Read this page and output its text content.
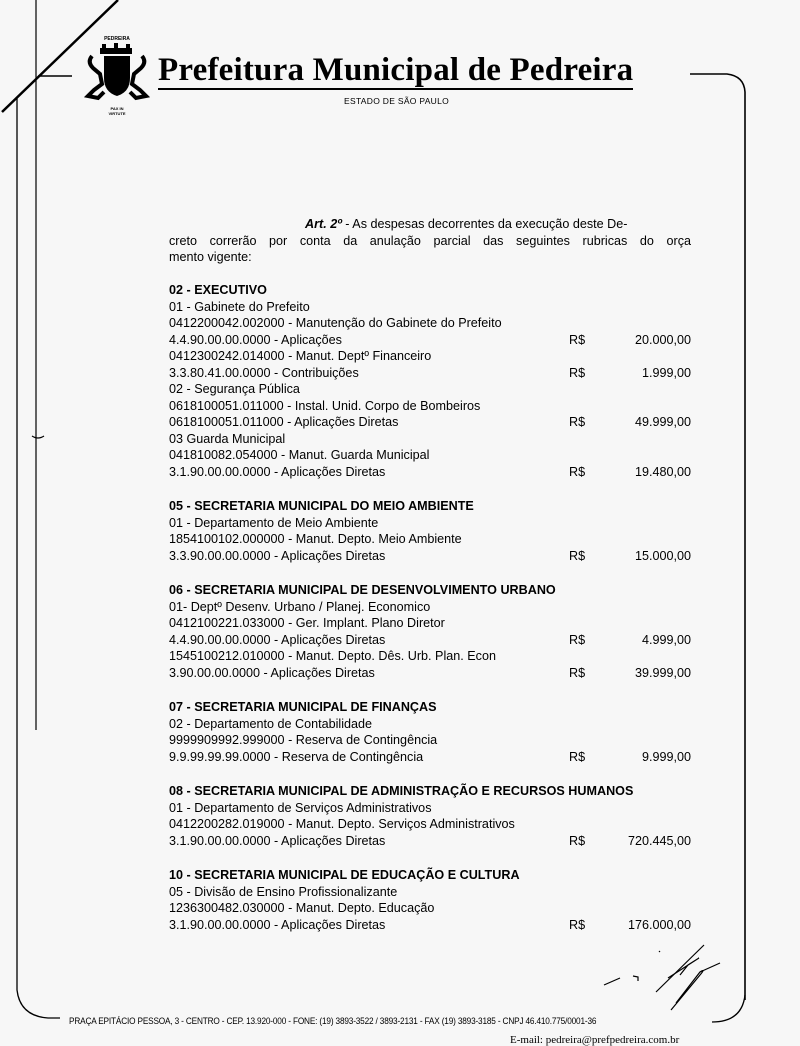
PEDREIRA
PAX IN
VIRTUTE
Prefeitura Municipal de Pedreira
ESTADO DE SÃO PAULO
Art. 2º - As despesas decorrentes da execução deste De-
creto correrão por conta da anulação parcial das seguintes rubricas do orça
mento vigente:
02 - EXECUTIVO
01 - Gabinete do Prefeito
0412200042.002000 - Manutenção do Gabinete do Prefeito
4.4.90.00.00.0000 - Aplicações	R$	20.000,00
0412300242.014000 - Manut. Deptº Financeiro
3.3.80.41.00.0000 - Contribuições	R$	1.999,00
02 - Segurança Pública
0618100051.011000 - Instal. Unid. Corpo de Bombeiros
0618100051.011000 - Aplicações Diretas	R$	49.999,00
03 Guarda Municipal
041810082.054000 - Manut. Guarda Municipal
3.1.90.00.00.0000 - Aplicações Diretas	R$	19.480,00
05 - SECRETARIA MUNICIPAL DO MEIO AMBIENTE
01 - Departamento de Meio Ambiente
1854100102.000000 - Manut. Depto. Meio Ambiente
3.3.90.00.00.0000 - Aplicações Diretas	R$	15.000,00
06 - SECRETARIA MUNICIPAL DE DESENVOLVIMENTO URBANO
01- Deptº Desenv. Urbano / Planej. Economico
0412100221.033000 - Ger. Implant. Plano Diretor
4.4.90.00.00.0000 - Aplicações Diretas	R$	4.999,00
1545100212.010000 - Manut. Depto. Dês. Urb. Plan. Econ
3.90.00.00.0000 - Aplicações Diretas	R$	39.999,00
07 - SECRETARIA MUNICIPAL DE FINANÇAS
02 - Departamento de Contabilidade
9999909992.999000 - Reserva de Contingência
9.9.99.99.99.0000 - Reserva de Contingência	R$	9.999,00
08 - SECRETARIA MUNICIPAL DE ADMINISTRAÇÃO E RECURSOS HUMANOS
01 - Departamento de Serviços Administrativos
0412200282.019000 - Manut. Depto. Serviços Administrativos
3.1.90.00.00.0000 - Aplicações Diretas	R$	720.445,00
10 - SECRETARIA MUNICIPAL DE EDUCAÇÃO E CULTURA
05 - Divisão de Ensino Profissionalizante
1236300482.030000 - Manut. Depto. Educação
3.1.90.00.00.0000 - Aplicações Diretas	R$	176.000,00
PRAÇA EPITÁCIO PESSOA, 3 - CENTRO - CEP. 13.920-000 - FONE: (19) 3893-3522 / 3893-2131 - FAX (19) 3893-3185 - CNPJ 46.410.775/0001-36
E-mail: pedreira@prefpedreira.com.br
